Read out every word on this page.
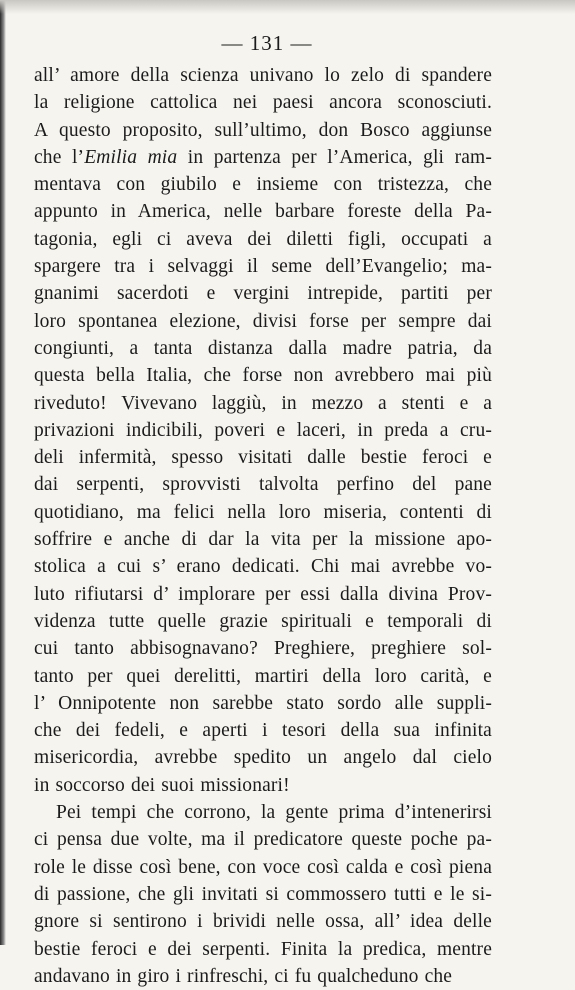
— 131 —
all’ amore della scienza univano lo zelo di spandere
la religione cattolica nei paesi ancora sconosciuti.
A questo proposito, sull’ultimo, don Bosco aggiunse
che l’Emilia mia in partenza per l’America, gli ram-
mentava con giubilo e insieme con tristezza, che
appunto in America, nelle barbare foreste della Pa-
tagonia, egli ci aveva dei diletti figli, occupati a
spargere tra i selvaggi il seme dell’Evangelio; ma-
gnanimi sacerdoti e vergini intrepide, partiti per
loro spontanea elezione, divisi forse per sempre dai
congiunti, a tanta distanza dalla madre patria, da
questa bella Italia, che forse non avrebbero mai più
riveduto! Vivevano laggiù, in mezzo a stenti e a
privazioni indicibili, poveri e laceri, in preda a cru-
deli infermità, spesso visitati dalle bestie feroci e
dai serpenti, sprovvisti talvolta perfino del pane
quotidiano, ma felici nella loro miseria, contenti di
soffrire e anche di dar la vita per la missione apo-
stolica a cui s’ erano dedicati. Chi mai avrebbe vo-
luto rifiutarsi d’ implorare per essi dalla divina Prov-
videnza tutte quelle grazie spirituali e temporali di
cui tanto abbisognavano? Preghiere, preghiere sol-
tanto per quei derelitti, martiri della loro carità, e
l’ Onnipotente non sarebbe stato sordo alle suppli-
che dei fedeli, e aperti i tesori della sua infinita
misericordia, avrebbe spedito un angelo dal cielo
in soccorso dei suoi missionari!
Pei tempi che corrono, la gente prima d’intenerirsi
ci pensa due volte, ma il predicatore queste poche pa-
role le disse così bene, con voce così calda e così piena
di passione, che gli invitati si commossero tutti e le si-
gnore si sentirono i brividi nelle ossa, all’ idea delle
bestie feroci e dei serpenti. Finita la predica, mentre
andavano in giro i rinfreschi, ci fu qualcheduno che
